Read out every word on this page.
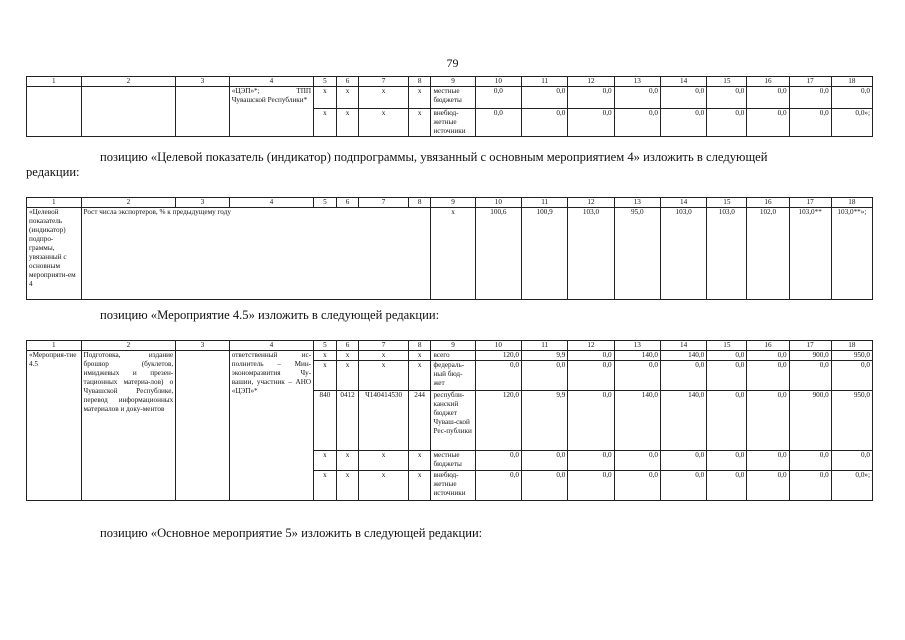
79
1	2	3	4	5	6	7	8	9	10	11	12	13	14	15	16	17	18
			«ЦЭП»*; ТПП Чувашской Республики*	x	x	x	x	местные бюджеты	0,0	0,0	0,0	0,0	0,0	0,0	0,0	0,0	0,0
				x	x	x	x	внебюд-жетные источники	0,0	0,0	0,0	0,0	0,0	0,0	0,0	0,0	0,0»;
позицию «Целевой показатель (индикатор) подпрограммы, увязанный с основным мероприятием 4» изложить в следующей
редакции:
1	2	3	4	5	6	7	8	9	10	11	12	13	14	15	16	17	18
«Целевой показатель (индикатор) подпро-граммы, увязанный с основным мероприяти-ем 4	Рост числа экспортеров, % к предыдущему году							x	100,6	100,9	103,0	95,0	103,0	103,0	102,0	103,0**	103,0**»;
позицию «Мероприятие 4.5» изложить в следующей редакции:
1	2	3	4	5	6	7	8	9	10	11	12	13	14	15	16	17	18
«Мероприя-тие 4.5	Подготовка, издание брошюр (буклетов, имиджевых и презен-тационных материа-лов) о Чувашской Республике, перевод информационных материалов и доку-ментов		ответственный ис-полнитель – Мин-экономразвития Чу-вашии, участник – АНО «ЦЭП»*	x	x	x	x	всего	120,0	9,9	0,0	140,0	140,0	0,0	0,0	900,0	950,0
				x	x	x	x	федераль-ный бюд-жет	0,0	0,0	0,0	0,0	0,0	0,0	0,0	0,0	0,0
				840	0412	Ч140414530	244	республи-канский бюджет Чуваш-ской Рес-публики	120,0	9,9	0,0	140,0	140,0	0,0	0,0	900,0	950,0
				x	x	x	x	местные бюджеты	0,0	0,0	0,0	0,0	0,0	0,0	0,0	0,0	0,0
				x	x	x	x	внебюд-жетные источники	0,0	0,0	0,0	0,0	0,0	0,0	0,0	0,0	0,0»;
позицию «Основное мероприятие 5» изложить в следующей редакции:
